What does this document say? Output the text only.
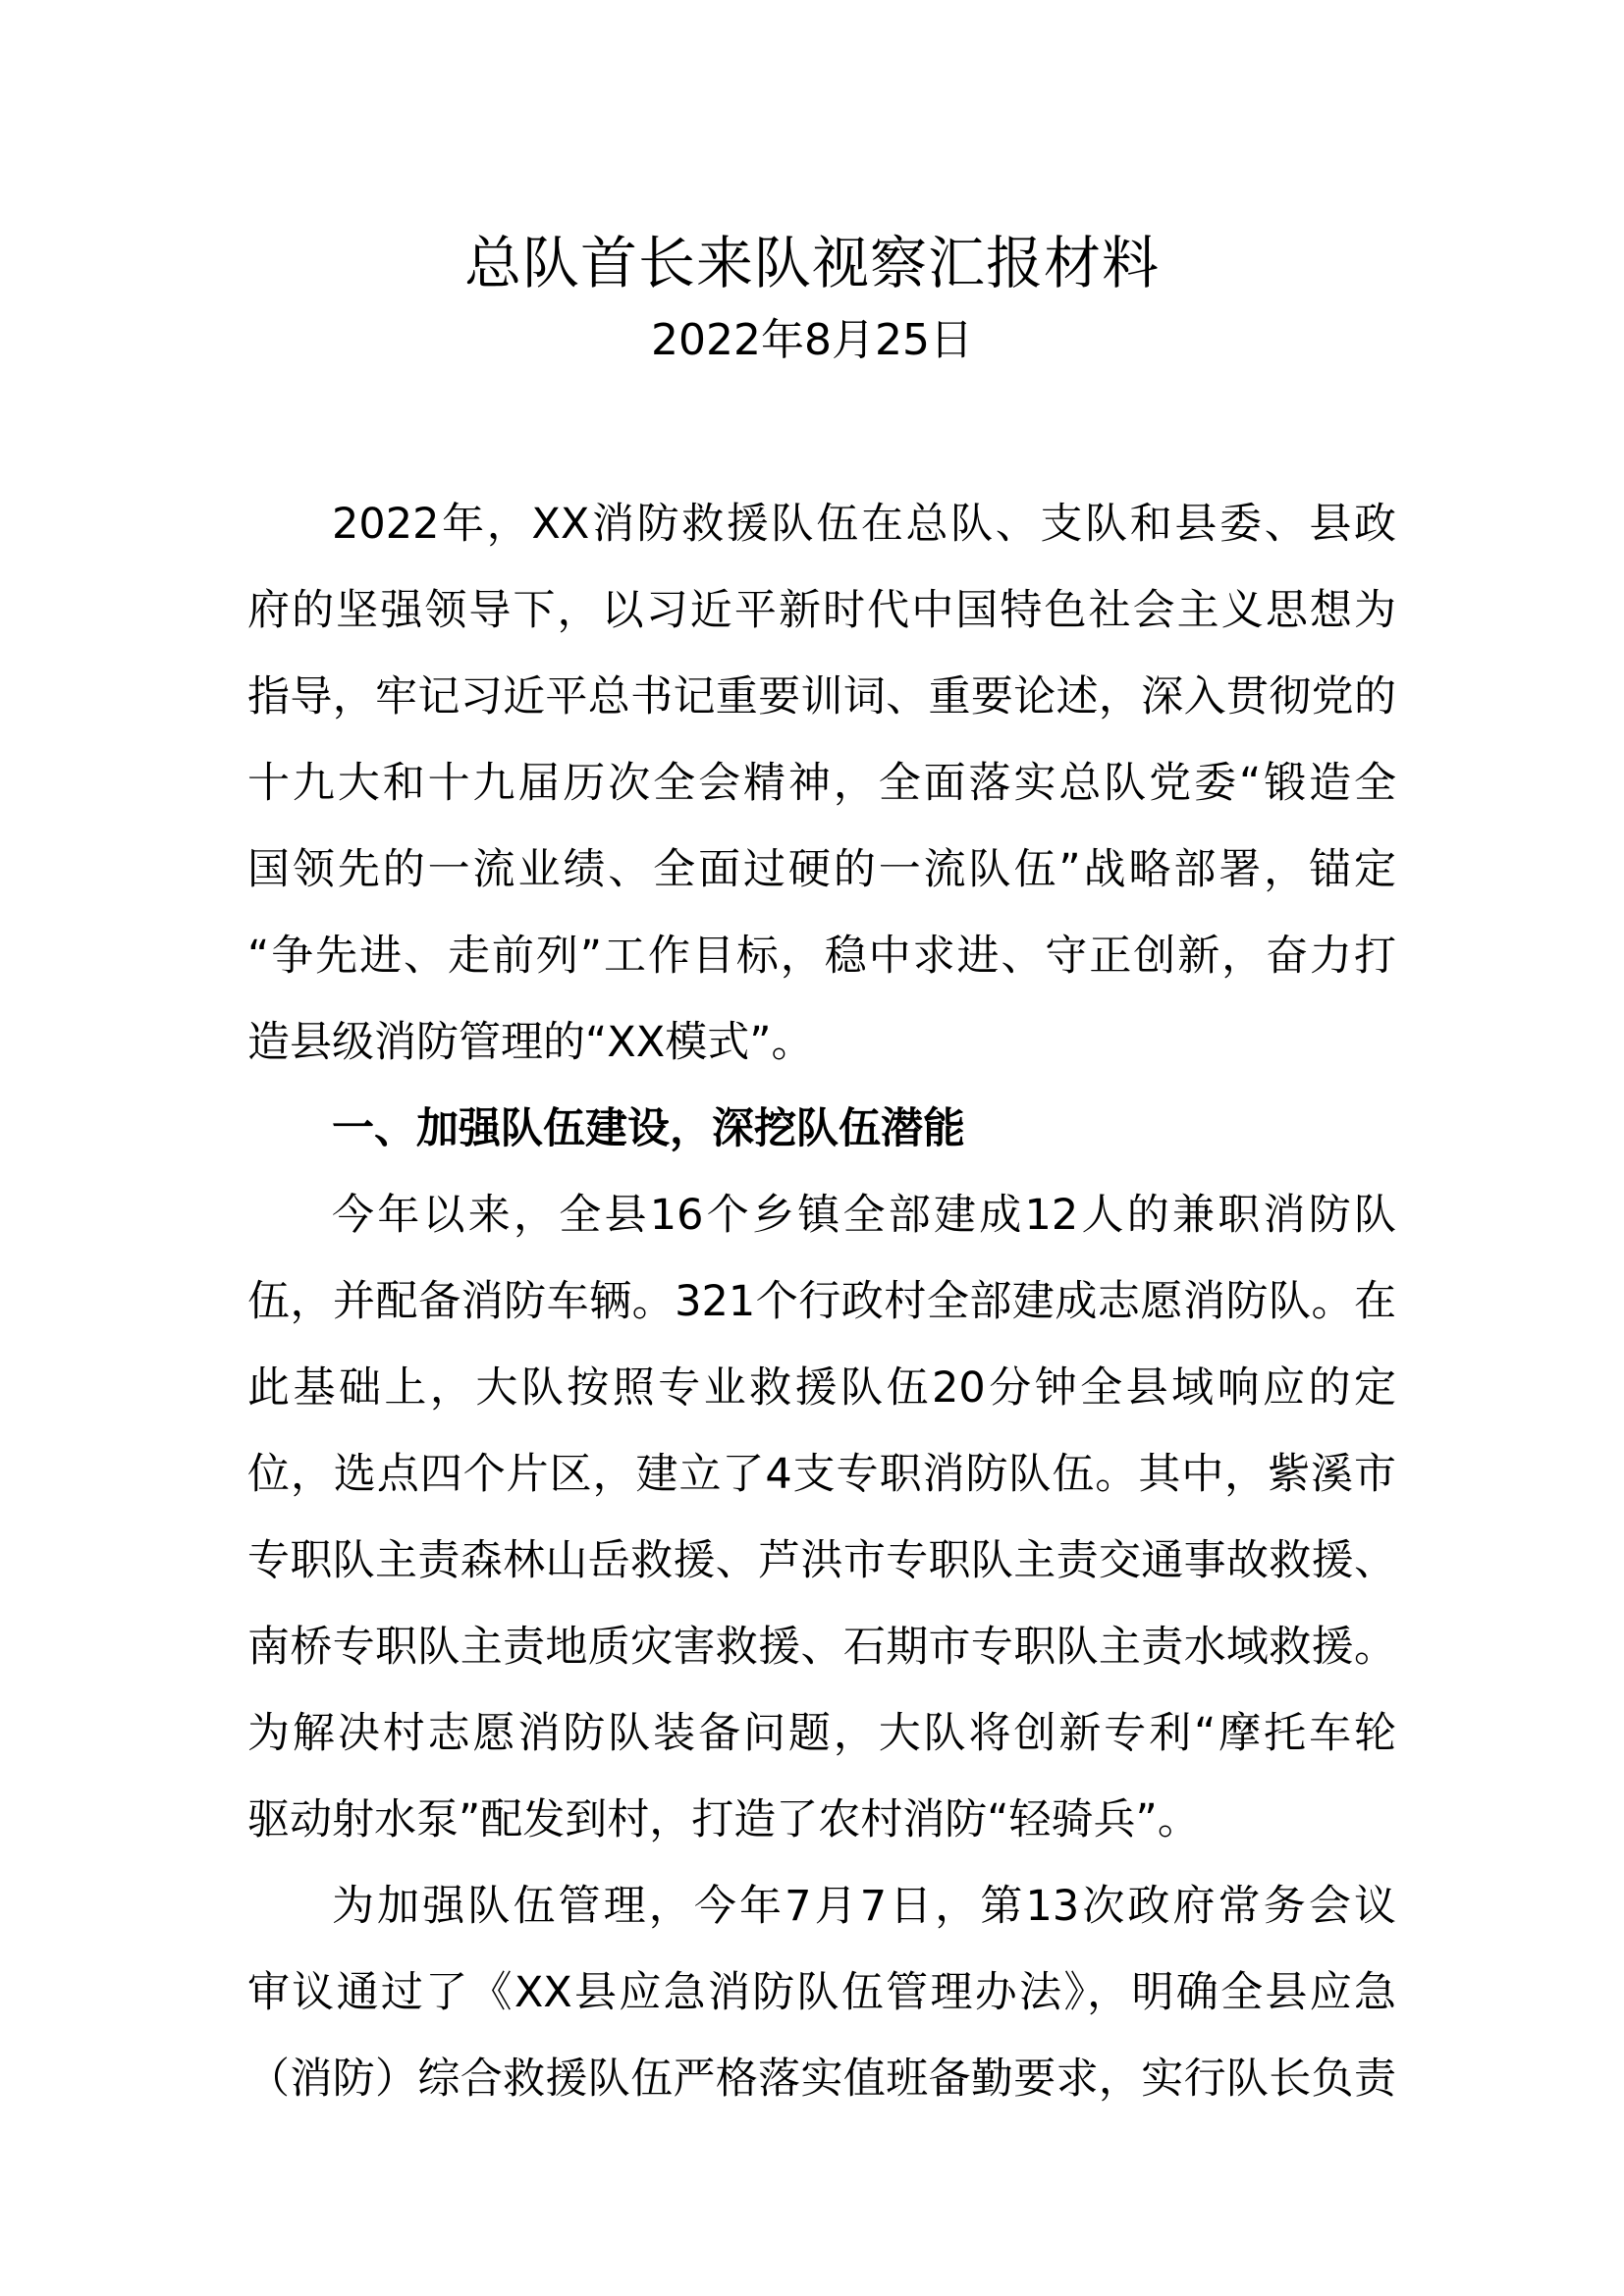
总队首长来队视察汇报材料
2022年8月25日
2022年，XX消防救援队伍在总队、支队和县委、县政
府的坚强领导下，以习近平新时代中国特色社会主义思想为
指导，牢记习近平总书记重要训词、重要论述，深入贯彻党的
十九大和十九届历次全会精神，全面落实总队党委“锻造全
国领先的一流业绩、全面过硬的一流队伍”战略部署，锚定
“争先进、走前列”工作目标，稳中求进、守正创新，奋力打
造县级消防管理的“XX模式”。
一、加强队伍建设，深挖队伍潜能
今年以来，全县16个乡镇全部建成12人的兼职消防队
伍，并配备消防车辆。321个行政村全部建成志愿消防队。在
此基础上，大队按照专业救援队伍20分钟全县域响应的定
位，选点四个片区，建立了4支专职消防队伍。其中，紫溪市
专职队主责森林山岳救援、芦洪市专职队主责交通事故救援、
南桥专职队主责地质灾害救援、石期市专职队主责水域救援。
为解决村志愿消防队装备问题，大队将创新专利“摩托车轮
驱动射水泵”配发到村，打造了农村消防“轻骑兵”。
为加强队伍管理，今年7月7日，第13次政府常务会议
审议通过了《XX县应急消防队伍管理办法》，明确全县应急
（消防）综合救援队伍严格落实值班备勤要求，实行队长负责
